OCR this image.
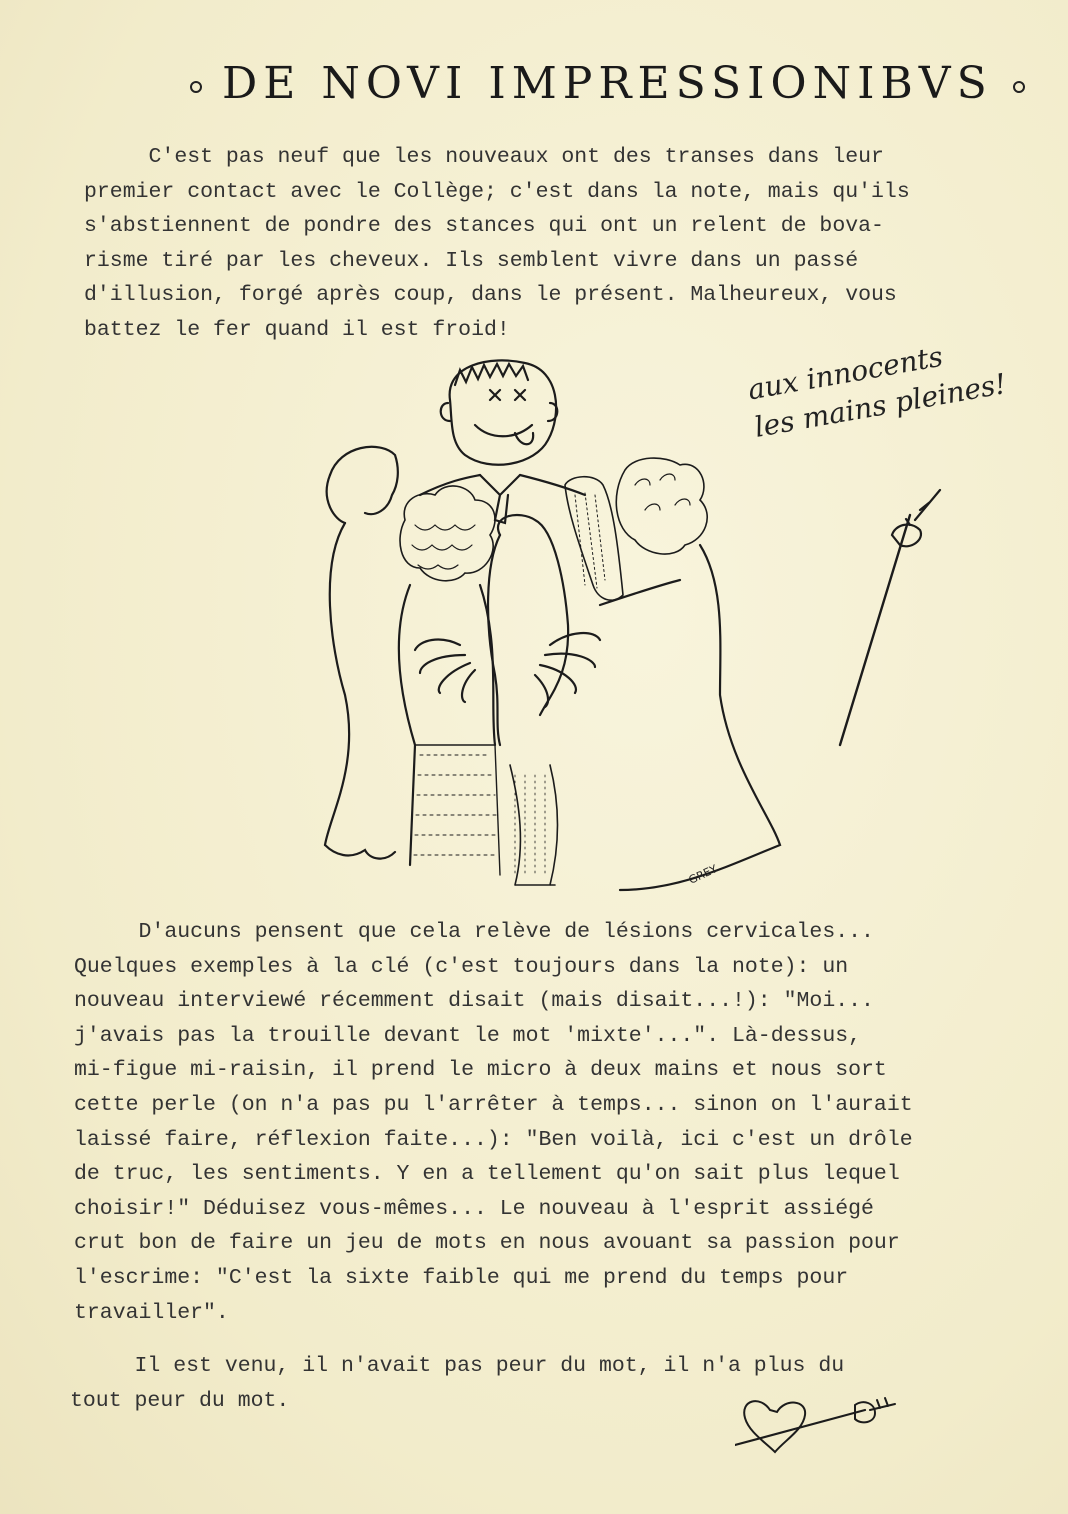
DE NOVI IMPRESSIONIBVS
C'est pas neuf que les nouveaux ont des transes dans leur
premier contact avec le Collège; c'est dans la note, mais qu'ils
s'abstiennent de pondre des stances qui ont un relent de bova-
risme tiré par les cheveux. Ils semblent vivre dans un passé
d'illusion, forgé après coup, dans le présent. Malheureux, vous
battez le fer quand il est froid!
aux innocents
les mains pleines!
GREY
D'aucuns pensent que cela relève de lésions cervicales...
Quelques exemples à la clé (c'est toujours dans la note): un
nouveau interviewé récemment disait (mais disait...!): "Moi...
j'avais pas la trouille devant le mot 'mixte'...". Là-dessus,
mi-figue mi-raisin, il prend le micro à deux mains et nous sort
cette perle (on n'a pas pu l'arrêter à temps... sinon on l'aurait
laissé faire, réflexion faite...): "Ben voilà, ici c'est un drôle
de truc, les sentiments. Y en a tellement qu'on sait plus lequel
choisir!" Déduisez vous-mêmes... Le nouveau à l'esprit assiégé
crut bon de faire un jeu de mots en nous avouant sa passion pour
l'escrime: "C'est la sixte faible qui me prend du temps pour
travailler".
Il est venu, il n'avait pas peur du mot, il n'a plus du
tout peur du mot.
